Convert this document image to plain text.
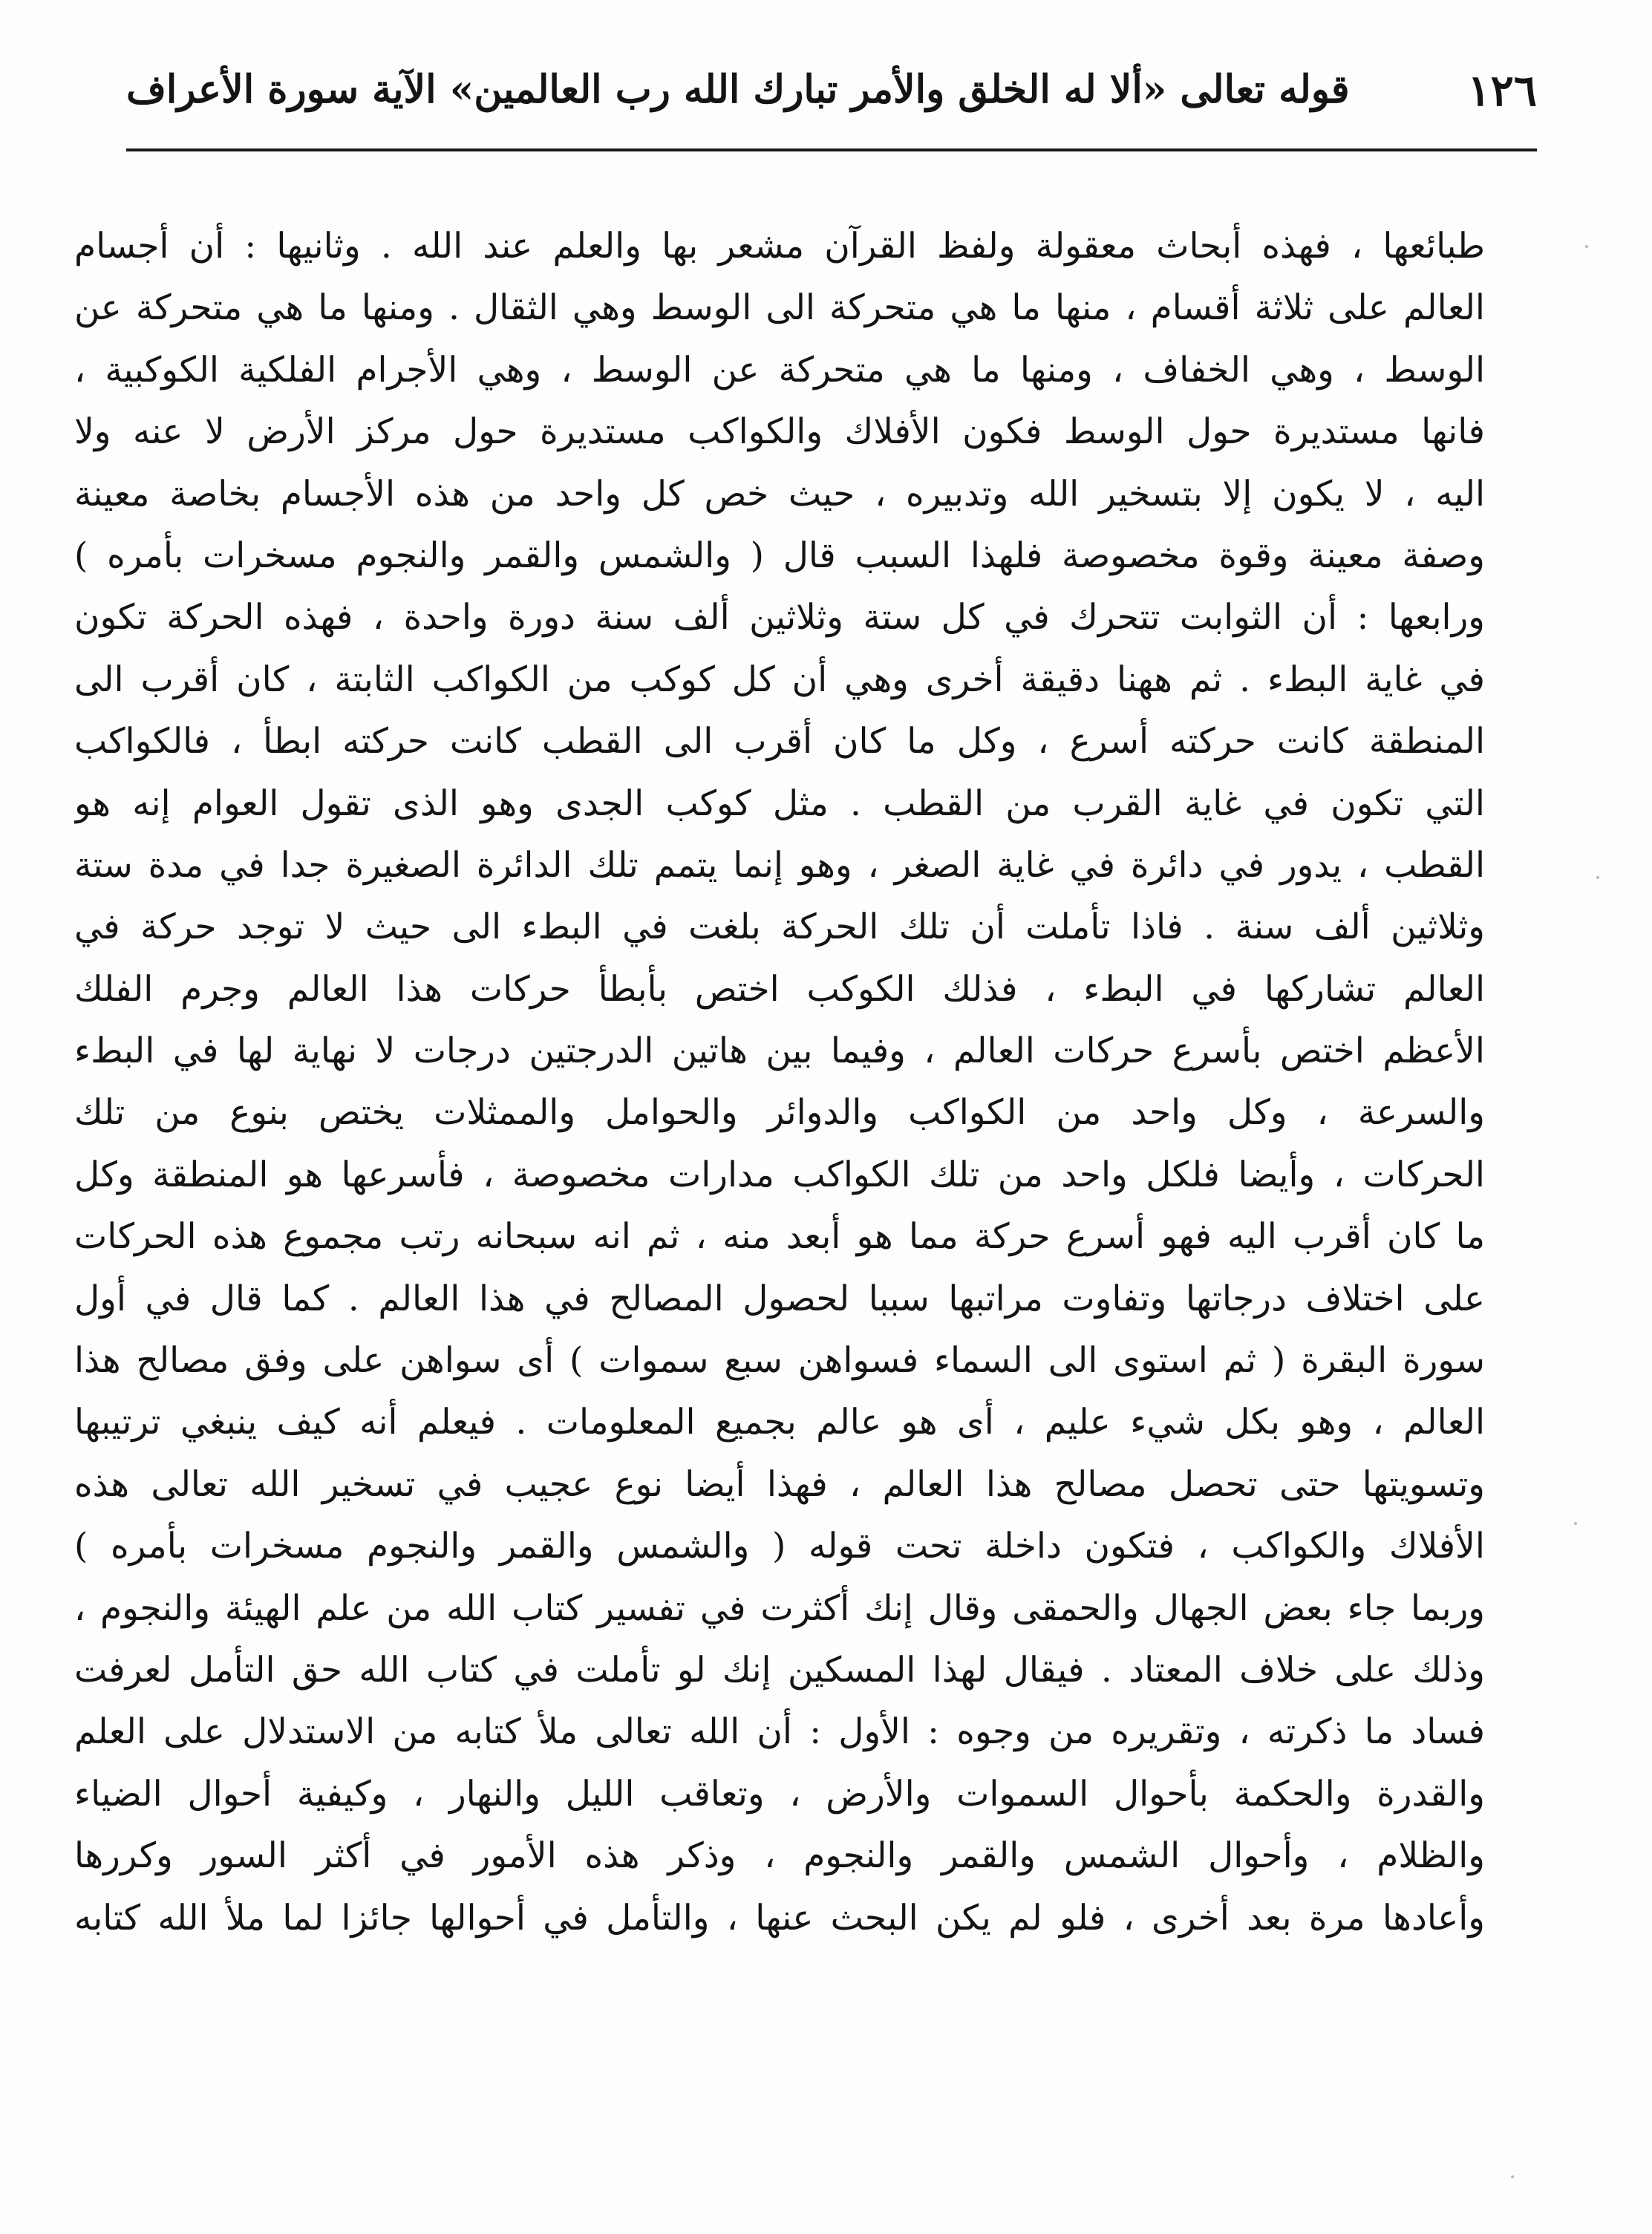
١٢٦
قوله تعالى «ألا له الخلق والأمر تبارك الله رب العالمين» الآية سورة الأعراف
طبائعها ، فهذه أبحاث معقولة ولفظ القرآن مشعر بها والعلم عند الله . وثانيها : أن أجسام
العالم على ثلاثة أقسام ، منها ما هي متحركة الى الوسط وهي الثقال . ومنها ما هي متحركة عن
الوسط ، وهي الخفاف ، ومنها ما هي متحركة عن الوسط ، وهي الأجرام الفلكية الكوكبية ،
فانها مستديرة حول الوسط فكون الأفلاك والكواكب مستديرة حول مركز الأرض لا عنه ولا
اليه ، لا يكون إلا بتسخير الله وتدبيره ، حيث خص كل واحد من هذه الأجسام بخاصة معينة
وصفة معينة وقوة مخصوصة فلهذا السبب قال ( والشمس والقمر والنجوم مسخرات بأمره )
ورابعها : أن الثوابت تتحرك في كل ستة وثلاثين ألف سنة دورة واحدة ، فهذه الحركة تكون
في غاية البطء . ثم ههنا دقيقة أخرى وهي أن كل كوكب من الكواكب الثابتة ، كان أقرب الى
المنطقة كانت حركته أسرع ، وكل ما كان أقرب الى القطب كانت حركته ابطأ ، فالكواكب
التي تكون في غاية القرب من القطب . مثل كوكب الجدى وهو الذى تقول العوام إنه هو
القطب ، يدور في دائرة في غاية الصغر ، وهو إنما يتمم تلك الدائرة الصغيرة جدا في مدة ستة
وثلاثين ألف سنة . فاذا تأملت أن تلك الحركة بلغت في البطء الى حيث لا توجد حركة في
العالم تشاركها في البطء ، فذلك الكوكب اختص بأبطأ حركات هذا العالم وجرم الفلك
الأعظم اختص بأسرع حركات العالم ، وفيما بين هاتين الدرجتين درجات لا نهاية لها في البطء
والسرعة ، وكل واحد من الكواكب والدوائر والحوامل والممثلات يختص بنوع من تلك
الحركات ، وأيضا فلكل واحد من تلك الكواكب مدارات مخصوصة ، فأسرعها هو المنطقة وكل
ما كان أقرب اليه فهو أسرع حركة مما هو أبعد منه ، ثم انه سبحانه رتب مجموع هذه الحركات
على اختلاف درجاتها وتفاوت مراتبها سببا لحصول المصالح في هذا العالم . كما قال في أول
سورة البقرة ( ثم استوى الى السماء فسواهن سبع سموات ) أى سواهن على وفق مصالح هذا
العالم ، وهو بكل شيء عليم ، أى هو عالم بجميع المعلومات . فيعلم أنه كيف ينبغي ترتيبها
وتسويتها حتى تحصل مصالح هذا العالم ، فهذا أيضا نوع عجيب في تسخير الله تعالى هذه
الأفلاك والكواكب ، فتكون داخلة تحت قوله ( والشمس والقمر والنجوم مسخرات بأمره )
وربما جاء بعض الجهال والحمقى وقال إنك أكثرت في تفسير كتاب الله من علم الهيئة والنجوم ،
وذلك على خلاف المعتاد . فيقال لهذا المسكين إنك لو تأملت في كتاب الله حق التأمل لعرفت
فساد ما ذكرته ، وتقريره من وجوه : الأول : أن الله تعالى ملأ كتابه من الاستدلال على العلم
والقدرة والحكمة بأحوال السموات والأرض ، وتعاقب الليل والنهار ، وكيفية أحوال الضياء
والظلام ، وأحوال الشمس والقمر والنجوم ، وذكر هذه الأمور في أكثر السور وكررها
وأعادها مرة بعد أخرى ، فلو لم يكن البحث عنها ، والتأمل في أحوالها جائزا لما ملأ الله كتابه
